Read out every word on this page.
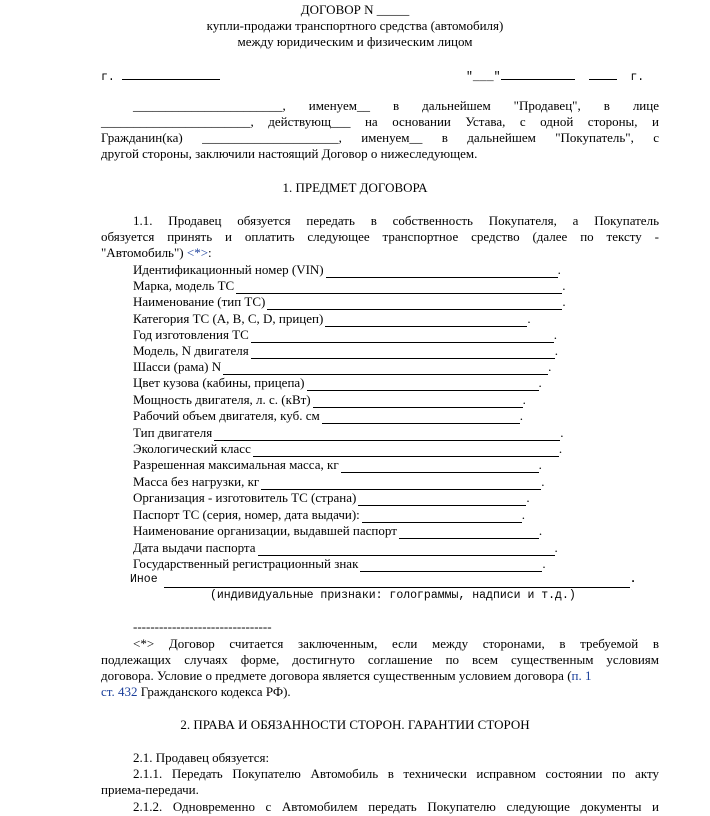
ДОГОВОР N _____
купли-продажи транспортного средства (автомобиля)
между юридическим и физическим лицом
г.	"___"	г.
_______________________, именуем__ в дальнейшем "Продавец", в лице
_______________________, действующ___ на основании Устава, с одной стороны, и
Гражданин(ка) _____________________, именуем__ в дальнейшем "Покупатель", с
другой стороны, заключили настоящий Договор о нижеследующем.
1. ПРЕДМЕТ ДОГОВОРА
1.1. Продавец обязуется передать в собственность Покупателя, а Покупатель
обязуется принять и оплатить следующее транспортное средство (далее по тексту -
"Автомобиль") <*>:
Идентификационный номер (VIN)	.
Марка, модель ТС	.
Наименование (тип ТС)	.
Категория ТС (A, B, C, D, прицеп)	.
Год изготовления ТС	.
Модель, N двигателя	.
Шасси (рама) N	.
Цвет кузова (кабины, прицепа)	.
Мощность двигателя, л. с. (кВт)	.
Рабочий объем двигателя, куб. см	.
Тип двигателя	.
Экологический класс	.
Разрешенная максимальная масса, кг	.
Масса без нагрузки, кг	.
Организация - изготовитель ТС (страна)	.
Паспорт ТС (серия, номер, дата выдачи):	.
Наименование организации, выдавшей паспорт	.
Дата выдачи паспорта	.
Государственный регистрационный знак	.
Иное	.
(индивидуальные признаки: голограммы, надписи и т.д.)
--------------------------------
<*> Договор считается заключенным, если между сторонами, в требуемой в
подлежащих случаях форме, достигнуто соглашение по всем существенным условиям
договора. Условие о предмете договора является существенным условием договора (п. 1
ст. 432 Гражданского кодекса РФ).
2. ПРАВА И ОБЯЗАННОСТИ СТОРОН. ГАРАНТИИ СТОРОН
2.1. Продавец обязуется:
2.1.1. Передать Покупателю Автомобиль в технически исправном состоянии по акту
приема-передачи.
2.1.2. Одновременно с Автомобилем передать Покупателю следующие документы и
